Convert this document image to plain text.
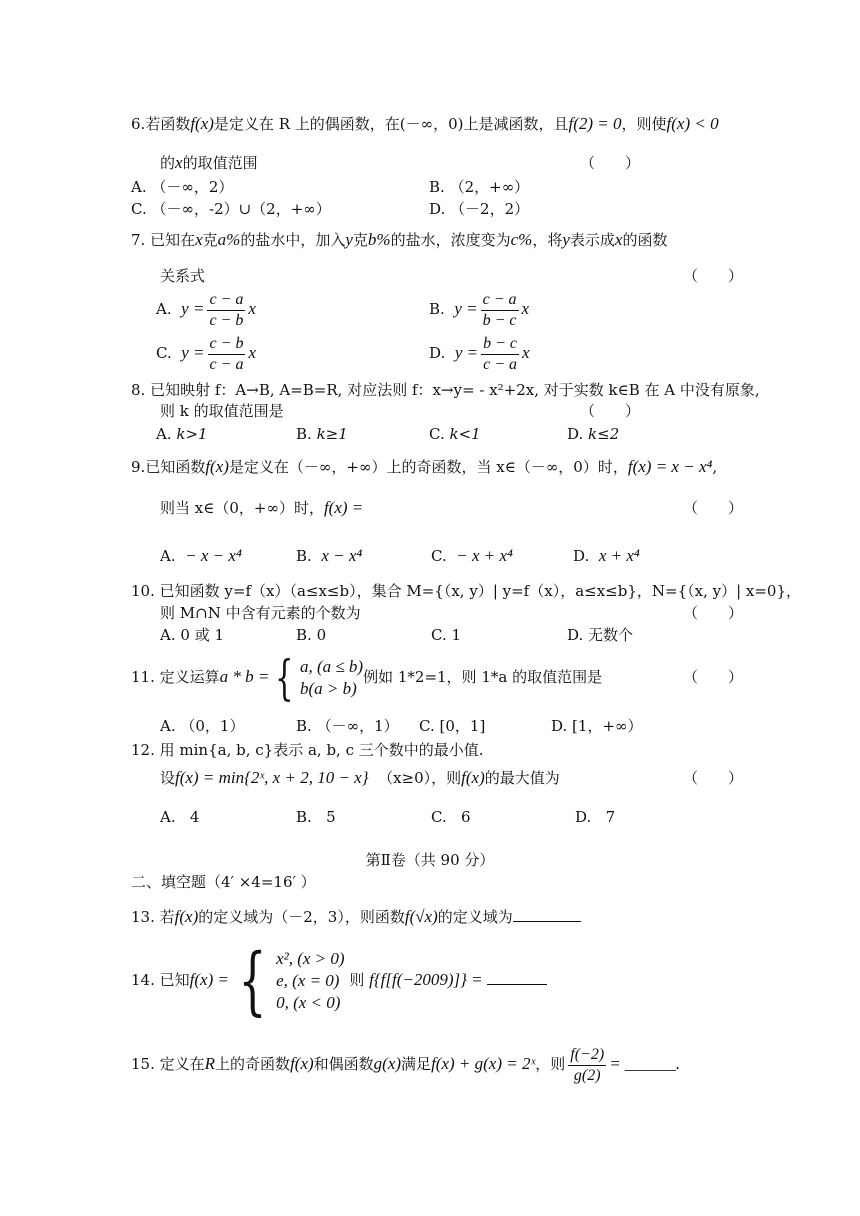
6.若函数f(x)是定义在 R 上的偶函数，在(－∞，0)上是减函数，且f(2) = 0，则使f(x) < 0
的x的取值范围	（　　）
A. （－∞，2）	B. （2，+∞）
C. （－∞，-2）∪（2，+∞）	D. （－2，2）
7. 已知在x克a%的盐水中，加入y克b%的盐水，浓度变为c%，将y表示成x的函数
关系式	（　　）
A. $y = \frac{c - a}{c - b}$ x	B. $y = \frac{c - a}{b - c}$ x
C. $y = \frac{c - b}{c - a}$ x	D. $y = \frac{b - c}{c - a}$ x
8. 已知映射 f：A→B, A=B=R, 对应法则 f：x→y= - x²+2x, 对于实数 k∈B 在 A 中没有原象,
则 k 的取值范围是	（　　）
A. k>1	B. k≥1	C. k<1	D. k≤2
9.已知函数f(x)是定义在（－∞，+∞）上的奇函数，当 x∈（－∞，0）时，f(x) = x − x⁴,
则当 x∈（0，+∞）时，f(x) =	（　　）
A. − x − x⁴	B. x − x⁴	C. − x + x⁴	D. x + x⁴
10. 已知函数 y=f（x）（a≤x≤b），集合 M={（x, y）| y=f（x），a≤x≤b}，N={（x, y）| x=0}，
则 M∩N 中含有元素的个数为	（　　）
A. 0 或 1	B. 0	C. 1	D. 无数个
11. 定义运算a * b = { a, (a ≤ b)
b(a > b)
例如 1*2=1，则 1*a 的取值范围是	（　　）
A. （0，1）	B. （－∞，1） C. [0，1]	D. [1，+∞）
12. 用 min{a, b, c}表示 a, b, c 三个数中的最小值.
设f(x) = min{2ˣ, x + 2, 10 − x} （x≥0），则f(x)的最大值为	（　　）
A. 4	B. 5	C. 6	D. 7
第Ⅱ卷（共 90 分）
二、填空题（4′ ×4=16′ ）
13. 若f(x)的定义域为（－2，3），则函数f(√x)的定义域为
14. 已知f(x) = { x², (x > 0)
e, (x = 0)
0, (x < 0)
则 f{f[f(−2009)]} =
15. 定义在R上的奇函数f(x)和偶函数g(x)满足f(x) + g(x) = 2ˣ，则 $\frac{f(-2)}{g(2)}$ = ______.
